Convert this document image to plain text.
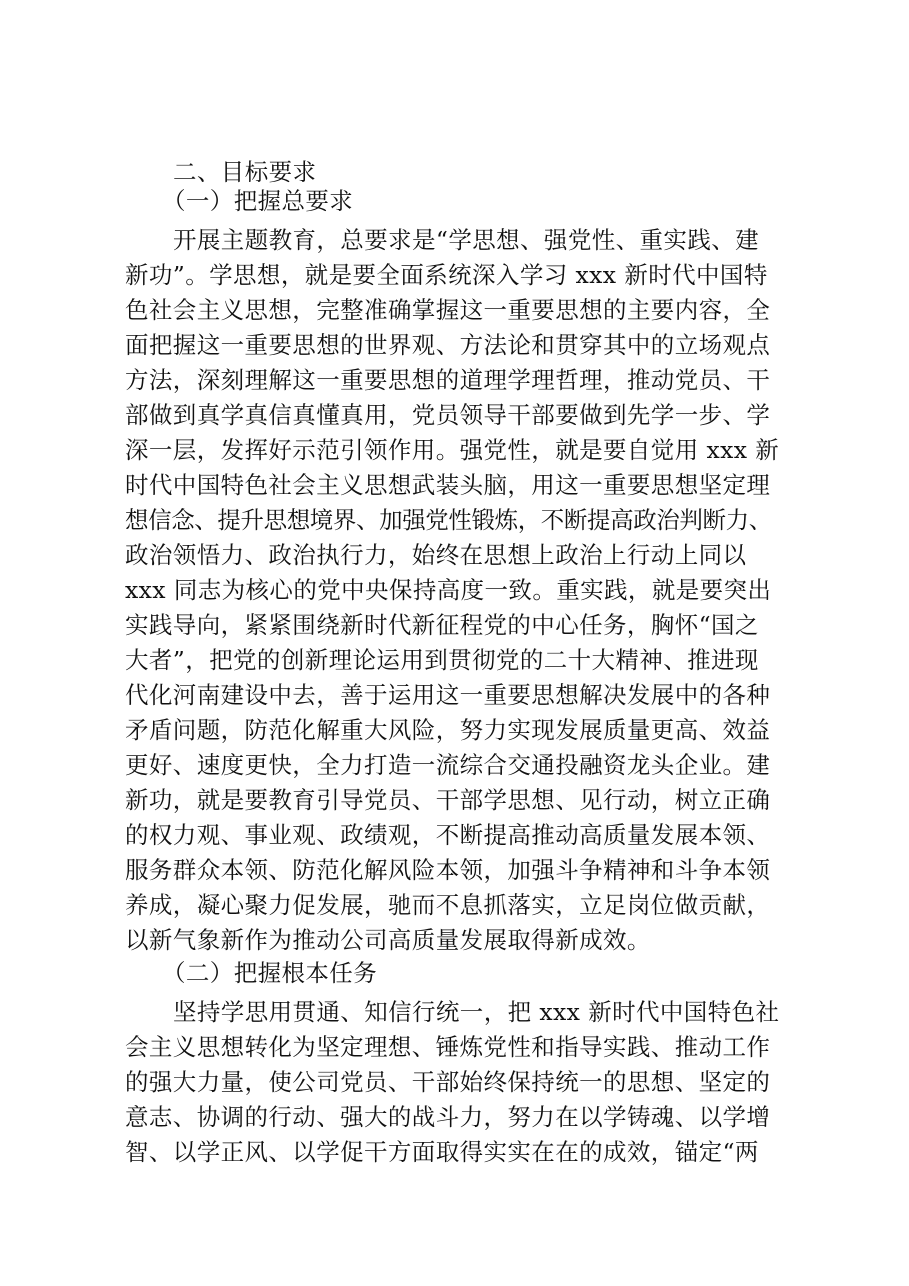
二、目标要求
（一）把握总要求
开展主题教育，总要求是“学思想、强党性、重实践、建
新功”。学思想，就是要全面系统深入学习 xxx 新时代中国特
色社会主义思想，完整准确掌握这一重要思想的主要内容，全
面把握这一重要思想的世界观、方法论和贯穿其中的立场观点
方法，深刻理解这一重要思想的道理学理哲理，推动党员、干
部做到真学真信真懂真用，党员领导干部要做到先学一步、学
深一层，发挥好示范引领作用。强党性，就是要自觉用 xxx 新
时代中国特色社会主义思想武装头脑，用这一重要思想坚定理
想信念、提升思想境界、加强党性锻炼，不断提高政治判断力、
政治领悟力、政治执行力，始终在思想上政治上行动上同以
xxx 同志为核心的党中央保持高度一致。重实践，就是要突出
实践导向，紧紧围绕新时代新征程党的中心任务，胸怀“国之
大者”，把党的创新理论运用到贯彻党的二十大精神、推进现
代化河南建设中去，善于运用这一重要思想解决发展中的各种
矛盾问题，防范化解重大风险，努力实现发展质量更高、效益
更好、速度更快，全力打造一流综合交通投融资龙头企业。建
新功，就是要教育引导党员、干部学思想、见行动，树立正确
的权力观、事业观、政绩观，不断提高推动高质量发展本领、
服务群众本领、防范化解风险本领，加强斗争精神和斗争本领
养成，凝心聚力促发展，驰而不息抓落实，立足岗位做贡献，
以新气象新作为推动公司高质量发展取得新成效。
（二）把握根本任务
坚持学思用贯通、知信行统一，把 xxx 新时代中国特色社
会主义思想转化为坚定理想、锤炼党性和指导实践、推动工作
的强大力量，使公司党员、干部始终保持统一的思想、坚定的
意志、协调的行动、强大的战斗力，努力在以学铸魂、以学增
智、以学正风、以学促干方面取得实实在在的成效，锚定“两
